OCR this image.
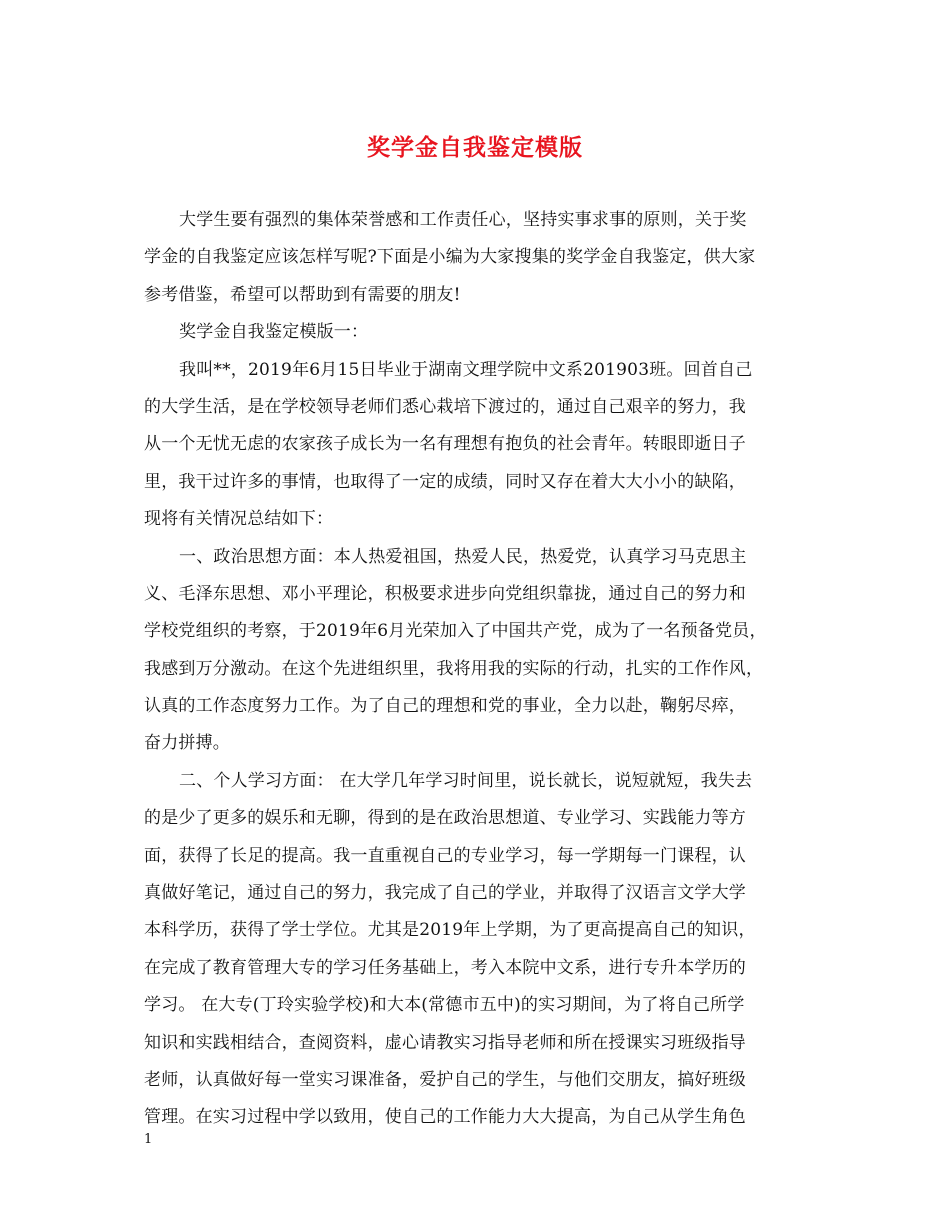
奖学金自我鉴定模版
大学生要有强烈的集体荣誉感和工作责任心，坚持实事求事的原则，关于奖
学金的自我鉴定应该怎样写呢?下面是小编为大家搜集的奖学金自我鉴定，供大家
参考借鉴，希望可以帮助到有需要的朋友!
奖学金自我鉴定模版一：
我叫**，2019年6月15日毕业于湖南文理学院中文系201903班。回首自己
的大学生活，是在学校领导老师们悉心栽培下渡过的，通过自己艰辛的努力，我
从一个无忧无虑的农家孩子成长为一名有理想有抱负的社会青年。转眼即逝日子
里，我干过许多的事情，也取得了一定的成绩，同时又存在着大大小小的缺陷，
现将有关情况总结如下：
一、政治思想方面：本人热爱祖国，热爱人民，热爱党，认真学习马克思主
义、毛泽东思想、邓小平理论，积极要求进步向党组织靠拢，通过自己的努力和
学校党组织的考察，于2019年6月光荣加入了中国共产党，成为了一名预备党员，
我感到万分激动。在这个先进组织里，我将用我的实际的行动，扎实的工作作风，
认真的工作态度努力工作。为了自己的理想和党的事业，全力以赴，鞠躬尽瘁，
奋力拼搏。
二、个人学习方面： 在大学几年学习时间里，说长就长，说短就短，我失去
的是少了更多的娱乐和无聊，得到的是在政治思想道、专业学习、实践能力等方
面，获得了长足的提高。我一直重视自己的专业学习，每一学期每一门课程，认
真做好笔记，通过自己的努力，我完成了自己的学业，并取得了汉语言文学大学
本科学历，获得了学士学位。尤其是2019年上学期，为了更高提高自己的知识，
在完成了教育管理大专的学习任务基础上，考入本院中文系，进行专升本学历的
学习。 在大专(丁玲实验学校)和大本(常德市五中)的实习期间，为了将自己所学
知识和实践相结合，查阅资料，虚心请教实习指导老师和所在授课实习班级指导
老师，认真做好每一堂实习课准备，爱护自己的学生，与他们交朋友，搞好班级
管理。在实习过程中学以致用，使自己的工作能力大大提高，为自己从学生角色
1
